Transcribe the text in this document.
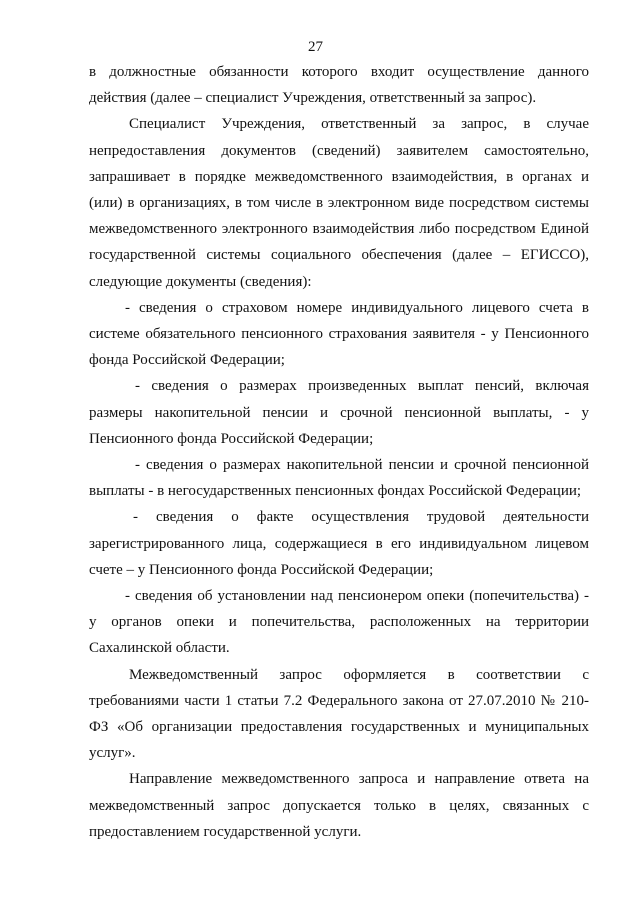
27

в должностные обязанности которого входит осуществление данного действия (далее – специалист Учреждения, ответственный за запрос).

Специалист Учреждения, ответственный за запрос, в случае непредоставления документов (сведений) заявителем самостоятельно, запрашивает в порядке межведомственного взаимодействия, в органах и (или) в организациях, в том числе в электронном виде посредством системы межведомственного электронного взаимодействия либо посредством Единой государственной системы социального обеспечения (далее – ЕГИССО), следующие документы (сведения):

- сведения о страховом номере индивидуального лицевого счета в системе обязательного пенсионного страхования заявителя - у Пенсионного фонда Российской Федерации;

- сведения о размерах произведенных выплат пенсий, включая размеры накопительной пенсии и срочной пенсионной выплаты, - у Пенсионного фонда Российской Федерации;

- сведения о размерах накопительной пенсии и срочной пенсионной выплаты - в негосударственных пенсионных фондах Российской Федерации;

- сведения о факте осуществления трудовой деятельности зарегистрированного лица, содержащиеся в его индивидуальном лицевом счете – у Пенсионного фонда Российской Федерации;

- сведения об установлении над пенсионером опеки (попечительства) - у органов опеки и попечительства, расположенных на территории Сахалинской области.

Межведомственный запрос оформляется в соответствии с требованиями части 1 статьи 7.2 Федерального закона от 27.07.2010 № 210-ФЗ «Об организации предоставления государственных и муниципальных услуг».

Направление межведомственного запроса и направление ответа на межведомственный запрос допускается только в целях, связанных с предоставлением государственной услуги.
